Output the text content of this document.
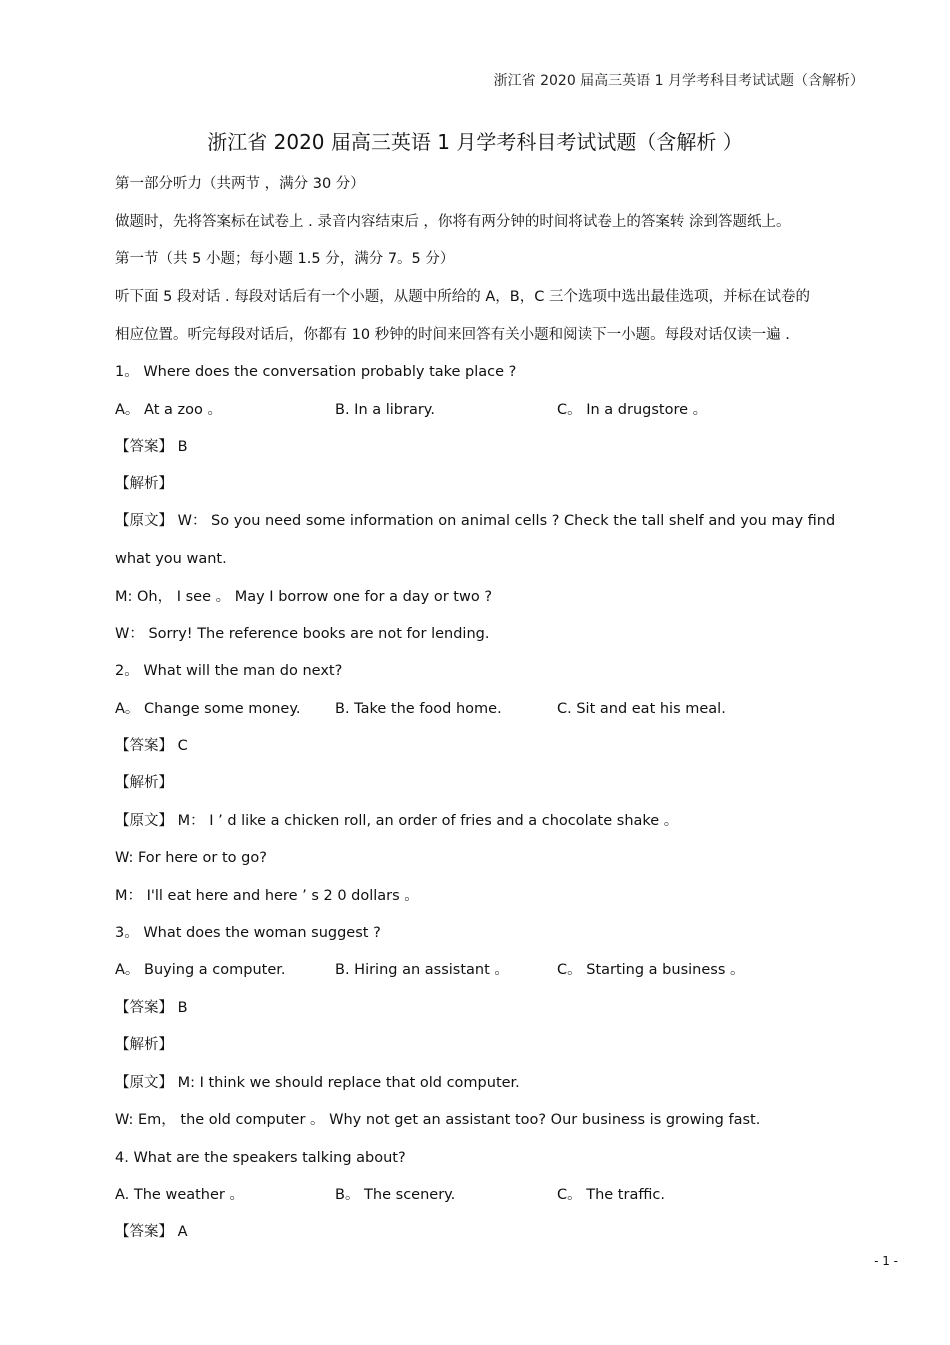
浙江省 2020 届高三英语 1 月学考科目考试试题（含解析）
浙江省 2020 届高三英语 1 月学考科目考试试题（含解析 ）
第一部分听力（共两节 ，满分 30 分）
做题时，先将答案标在试卷上 . 录音内容结束后 ，你将有两分钟的时间将试卷上的答案转 涂到答题纸上。
第一节（共 5 小题；每小题 1.5 分，满分 7。5 分）
听下面 5 段对话 . 每段对话后有一个小题，从题中所给的 A，B，C 三个选项中选出最佳选项，并标在试卷的
相应位置。听完每段对话后，你都有 10 秒钟的时间来回答有关小题和阅读下一小题。每段对话仅读一遍 .
1。 Where does the conversation probably take place ?
A。 At a zoo 。	B. In a library.	C。 In a drugstore 。
【答案】 B
【解析】
【原文】 W： So you need some information on animal cells ? Check the tall shelf and you may find
what you want.
M: Oh， I see 。 May I borrow one for a day or two ?
W： Sorry! The reference books are not for lending.
2。 What will the man do next?
A。 Change some money. B. Take the food home.	C. Sit and eat his meal.
【答案】 C
【解析】
【原文】 M： I ’ d like a chicken roll, an order of fries and a chocolate shake 。
W: For here or to go?
M： I'll eat here and here ’ s 2 0 dollars 。
3。 What does the woman suggest ?
A。 Buying a computer.	B. Hiring an assistant 。	C。 Starting a business 。
【答案】 B
【解析】
【原文】 M: I think we should replace that old computer.
W: Em， the old computer 。 Why not get an assistant too? Our business is growing fast.
4. What are the speakers talking about?
A. The weather 。	B。 The scenery.	C。 The traffic.
【答案】 A
- 1 -
